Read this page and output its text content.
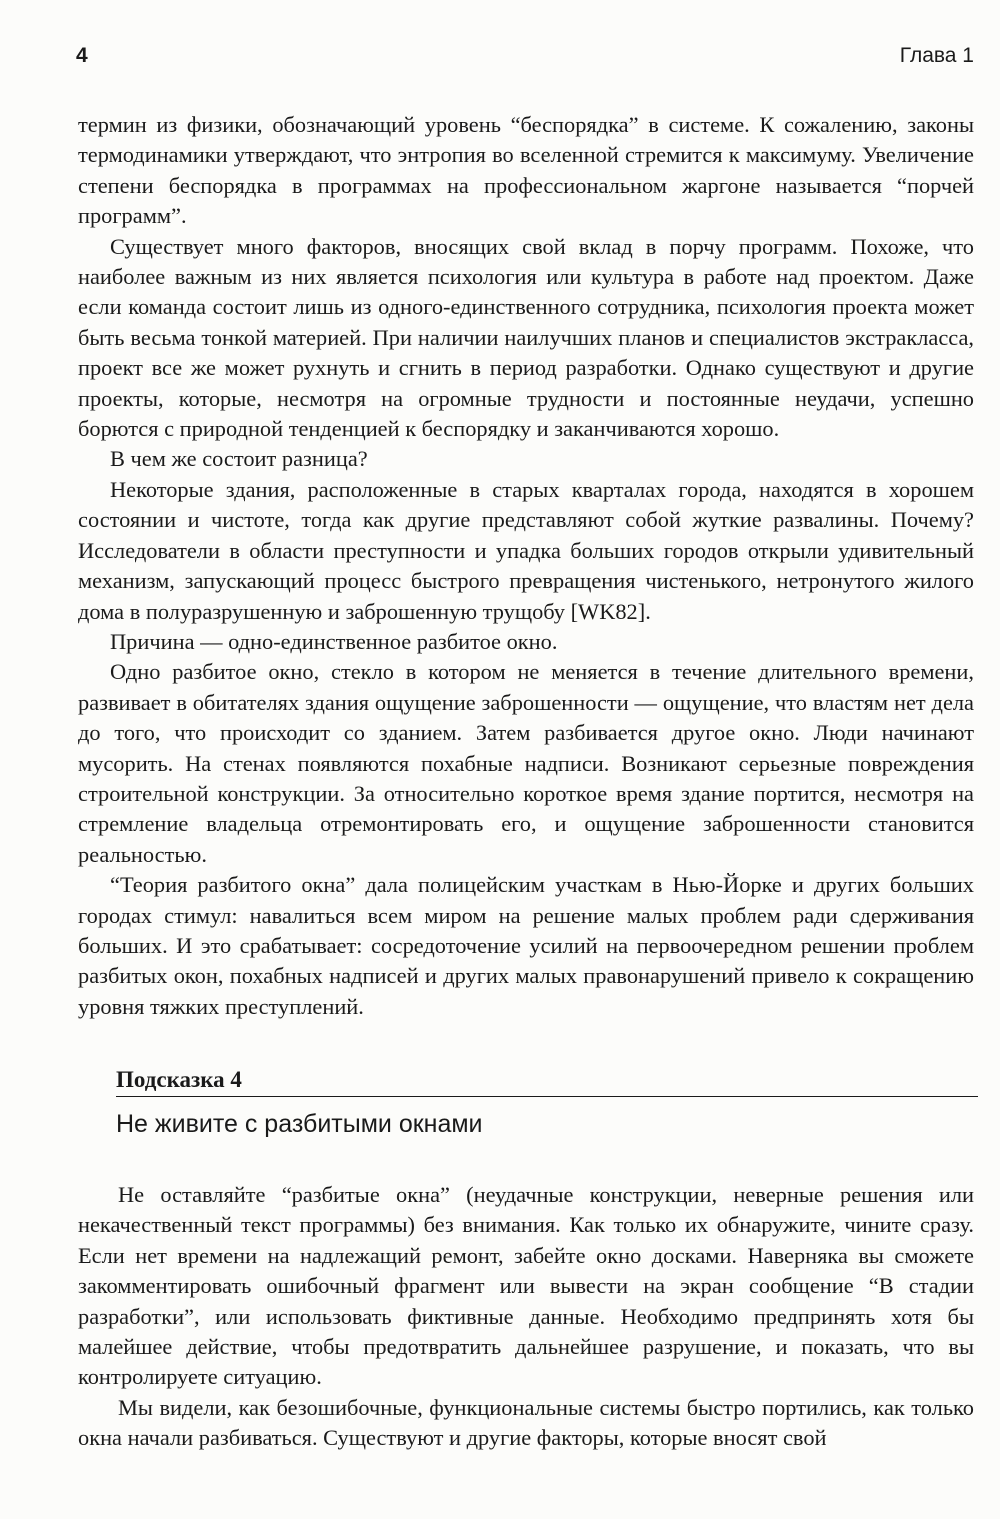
4	Глава 1

термин из физики, обозначающий уровень “беспорядка” в системе. К сожалению, законы термодинамики утверждают, что энтропия во вселенной стремится к максимуму. Увеличение степени беспорядка в программах на профессиональном жаргоне называется “порчей программ”.

Существует много факторов, вносящих свой вклад в порчу программ. Похоже, что наиболее важным из них является психология или культура в работе над проектом. Даже если команда состоит лишь из одного-единственного сотрудника, психология проекта может быть весьма тонкой материей. При наличии наилучших планов и специалистов экстракласса, проект все же может рухнуть и сгнить в период разработки. Однако существуют и другие проекты, которые, несмотря на огромные трудности и постоянные неудачи, успешно борются с природной тенденцией к беспорядку и заканчиваются хорошо.

В чем же состоит разница?

Некоторые здания, расположенные в старых кварталах города, находятся в хорошем состоянии и чистоте, тогда как другие представляют собой жуткие развалины. Почему? Исследователи в области преступности и упадка больших городов открыли удивительный механизм, запускающий процесс быстрого превращения чистенького, нетронутого жилого дома в полуразрушенную и заброшенную трущобу [WK82].

Причина — одно-единственное разбитое окно.

Одно разбитое окно, стекло в котором не меняется в течение длительного времени, развивает в обитателях здания ощущение заброшенности — ощущение, что властям нет дела до того, что происходит со зданием. Затем разбивается другое окно. Люди начинают мусорить. На стенах появляются похабные надписи. Возникают серьезные повреждения строительной конструкции. За относительно короткое время здание портится, несмотря на стремление владельца отремонтировать его, и ощущение заброшенности становится реальностью.

“Теория разбитого окна” дала полицейским участкам в Нью-Йорке и других больших городах стимул: навалиться всем миром на решение малых проблем ради сдерживания больших. И это срабатывает: сосредоточение усилий на первоочередном решении проблем разбитых окон, похабных надписей и других малых правонарушений привело к сокращению уровня тяжких преступлений.

Подсказка 4
Не живите с разбитыми окнами

Не оставляйте “разбитые окна” (неудачные конструкции, неверные решения или некачественный текст программы) без внимания. Как только их обнаружите, чините сразу. Если нет времени на надлежащий ремонт, забейте окно досками. Наверняка вы сможете закомментировать ошибочный фрагмент или вывести на экран сообщение “В стадии разработки”, или использовать фиктивные данные. Необходимо предпринять хотя бы малейшее действие, чтобы предотвратить дальнейшее разрушение, и показать, что вы контролируете ситуацию.

Мы видели, как безошибочные, функциональные системы быстро портились, как только окна начали разбиваться. Существуют и другие факторы, которые вносят свой
